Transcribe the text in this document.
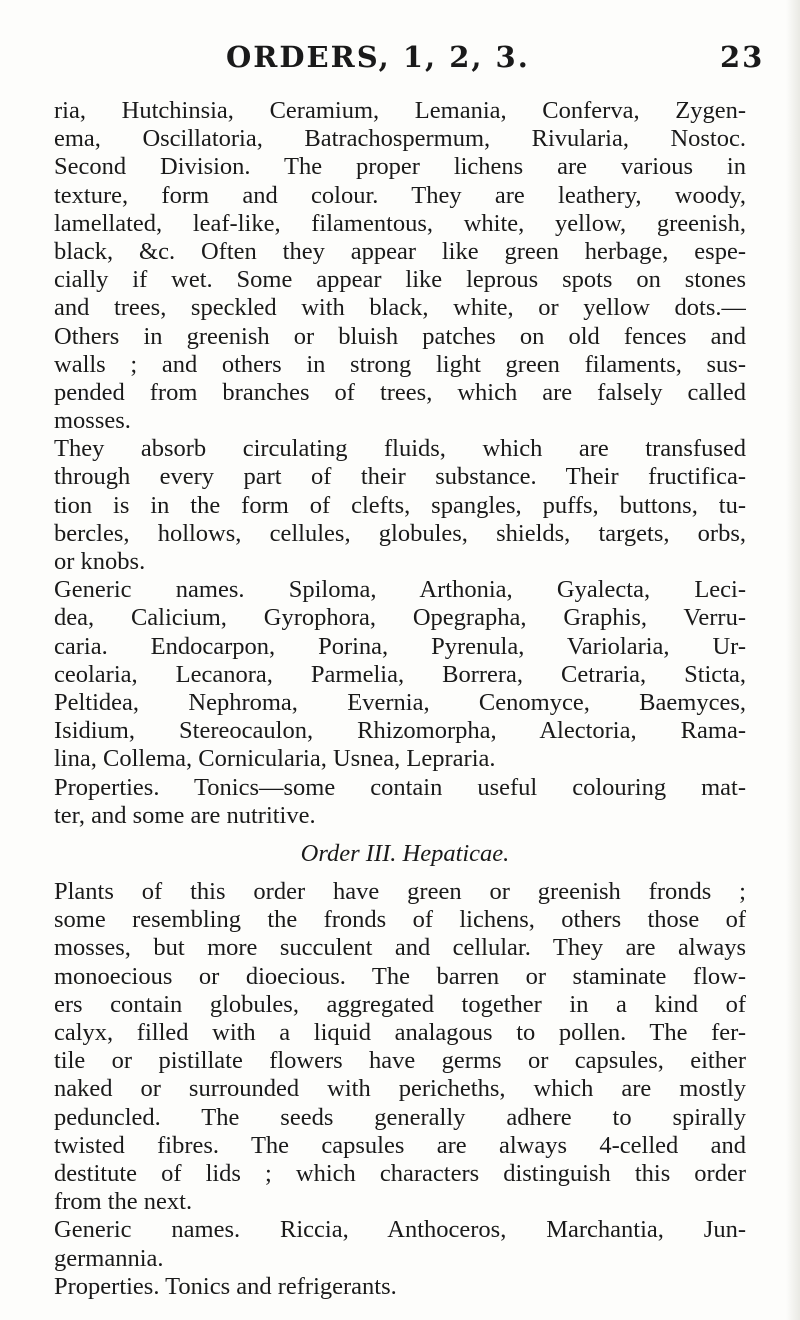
ORDERS, 1, 2, 3.	23
ria, Hutchinsia, Ceramium, Lemania, Conferva, Zygen-
ema, Oscillatoria, Batrachospermum, Rivularia, Nostoc.
Second Division. The proper lichens are various in
texture, form and colour. They are leathery, woody,
lamellated, leaf-like, filamentous, white, yellow, greenish,
black, &c. Often they appear like green herbage, espe-
cially if wet. Some appear like leprous spots on stones
and trees, speckled with black, white, or yellow dots.—
Others in greenish or bluish patches on old fences and
walls ; and others in strong light green filaments, sus-
pended from branches of trees, which are falsely called
mosses.
They absorb circulating fluids, which are transfused
through every part of their substance. Their fructifica-
tion is in the form of clefts, spangles, puffs, buttons, tu-
bercles, hollows, cellules, globules, shields, targets, orbs,
or knobs.
Generic names. Spiloma, Arthonia, Gyalecta, Leci-
dea, Calicium, Gyrophora, Opegrapha, Graphis, Verru-
caria. Endocarpon, Porina, Pyrenula, Variolaria, Ur-
ceolaria, Lecanora, Parmelia, Borrera, Cetraria, Sticta,
Peltidea, Nephroma, Evernia, Cenomyce, Baemyces,
Isidium, Stereocaulon, Rhizomorpha, Alectoria, Rama-
lina, Collema, Cornicularia, Usnea, Lepraria.
Properties. Tonics—some contain useful colouring mat-
ter, and some are nutritive.
Order III. Hepaticae.
Plants of this order have green or greenish fronds ;
some resembling the fronds of lichens, others those of
mosses, but more succulent and cellular. They are always
monoecious or dioecious. The barren or staminate flow-
ers contain globules, aggregated together in a kind of
calyx, filled with a liquid analagous to pollen. The fer-
tile or pistillate flowers have germs or capsules, either
naked or surrounded with pericheths, which are mostly
peduncled. The seeds generally adhere to spirally
twisted fibres. The capsules are always 4-celled and
destitute of lids ; which characters distinguish this order
from the next.
Generic names. Riccia, Anthoceros, Marchantia, Jun-
germannia.
Properties. Tonics and refrigerants.
